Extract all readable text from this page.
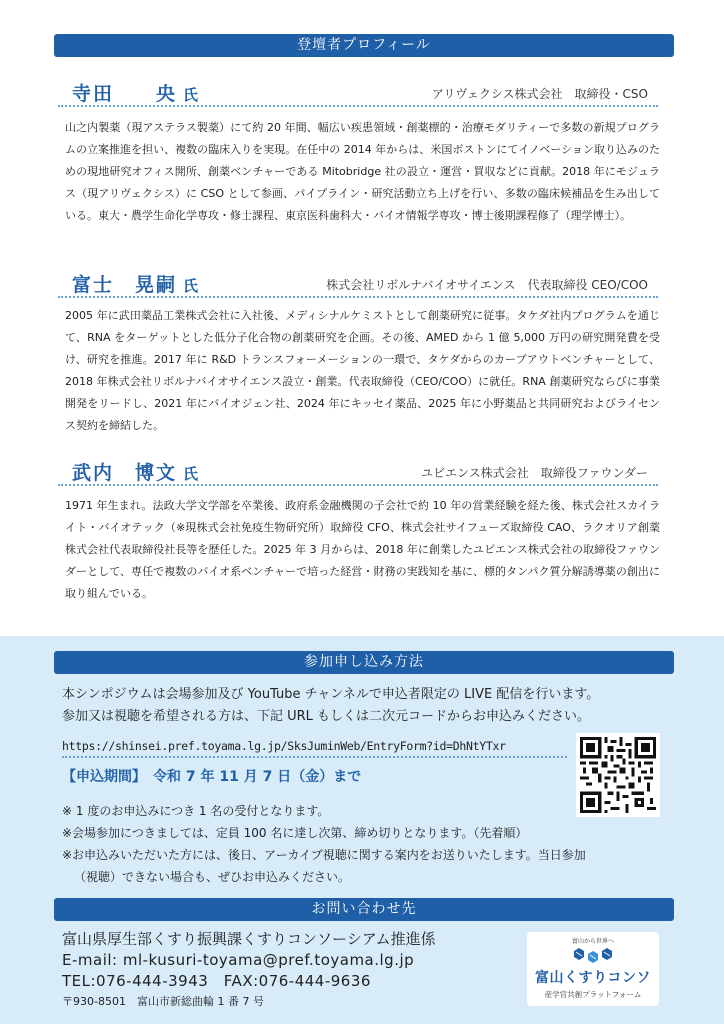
登壇者プロフィール
寺田　　央 氏	アリヴェクシス株式会社　取締役・CSO

山之内製薬（現アステラス製薬）にて約 20 年間、幅広い疾患領域・創薬標的・治療モダリティーで多数の新規プログラムの立案推進を担い、複数の臨床入りを実現。在任中の 2014 年からは、米国ボストンにてイノベーション取り込みのための現地研究オフィス開所、創薬ベンチャーである Mitobridge 社の設立・運営・買収などに貢献。2018 年にモジュラス（現アリヴェクシス）に CSO として参画、パイプライン・研究活動立ち上げを行い、多数の臨床候補品を生み出している。東大・農学生命化学専攻・修士課程、東京医科歯科大・バイオ情報学専攻・博士後期課程修了（理学博士）。

富士　晃嗣 氏	株式会社リボルナバイオサイエンス　代表取締役 CEO/COO

2005 年に武田薬品工業株式会社に入社後、メディシナルケミストとして創薬研究に従事。タケダ社内プログラムを通じて、RNA をターゲットとした低分子化合物の創薬研究を企画。その後、AMED から 1 億 5,000 万円の研究開発費を受け、研究を推進。2017 年に R&D トランスフォーメーションの一環で、タケダからのカーブアウトベンチャーとして、2018 年株式会社リボルナバイオサイエンス設立・創業。代表取締役（CEO/COO）に就任。RNA 創薬研究ならびに事業開発をリードし、2021 年にバイオジェン社、2024 年にキッセイ薬品、2025 年に小野薬品と共同研究およびライセンス契約を締結した。

武内　博文 氏	ユビエンス株式会社　取締役ファウンダー

1971 年生まれ。法政大学文学部を卒業後、政府系金融機関の子会社で約 10 年の営業経験を経た後、株式会社スカイライト・バイオテック（※現株式会社免疫生物研究所）取締役 CFO、株式会社サイフューズ取締役 CAO、ラクオリア創薬株式会社代表取締役社長等を歴任した。2025 年 3 月からは、2018 年に創業したユビエンス株式会社の取締役ファウンダーとして、専任で複数のバイオ系ベンチャーで培った経営・財務の実践知を基に、標的タンパク質分解誘導薬の創出に取り組んでいる。

参加申し込み方法
本シンポジウムは会場参加及び YouTube チャンネルで申込者限定の LIVE 配信を行います。
参加又は視聴を希望される方は、下記 URL もしくは二次元コードからお申込みください。
https://shinsei.pref.toyama.lg.jp/SksJuminWeb/EntryForm?id=DhNtYTxr
【申込期間】　令和 7 年 11 月 7 日（金）まで
※ 1 度のお申込みにつき 1 名の受付となります。
※会場参加につきましては、定員 100 名に達し次第、締め切りとなります。（先着順）
※お申込みいただいた方には、後日、アーカイブ視聴に関する案内をお送りいたします。当日参加
（視聴）できない場合も、ぜひお申込みください。
お問い合わせ先
富山県厚生部くすり振興課くすりコンソーシアム推進係
E-mail: ml-kusuri-toyama@pref.toyama.lg.jp
TEL:076-444-3943　FAX:076-444-9636
〒930-8501　富山市新総曲輪 1 番 7 号
富山から世界へ
富山くすりコンソ
産学官共創プラットフォーム
